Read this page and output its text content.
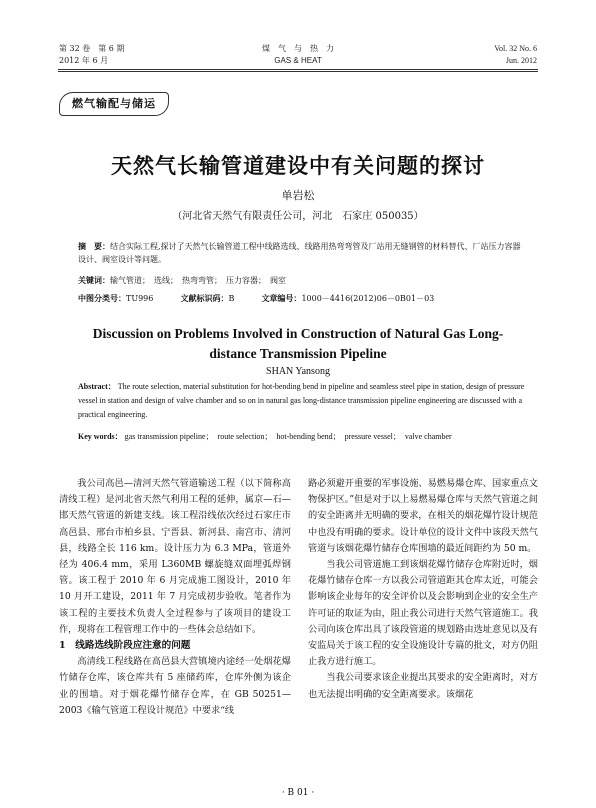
第 32 卷　第 6 期
2012 年 6 月
煤　气　与　热　力
GAS & HEAT
Vol. 32 No. 6
Jun. 2012
燃气输配与储运
天然气长输管道建设中有关问题的探讨
单岩松
（河北省天然气有限责任公司，河北　石家庄 050035）
摘　要：结合实际工程,探讨了天然气长输管道工程中线路选线、线路用热弯弯管及厂站用无缝钢管的材料替代、厂站压力容器设计、阀室设计等问题。
关键词：输气管道；　选线；　热弯弯管；　压力容器；　阀室
中图分类号：TU996	文献标识码：B	文章编号：1000－4416(2012)06－0B01－03
Discussion on Problems Involved in Construction of Natural Gas Long-distance Transmission Pipeline
SHAN Yansong
Abstract： The route selection, material substitution for hot-bending bend in pipeline and seamless steel pipe in station, design of pressure vessel in station and design of valve chamber and so on in natural gas long-distance transmission pipeline engineering are discussed with a practical engineering.
Key words： gas transmission pipeline；　route selection；　hot-bending bend；　pressure vessel；　valve chamber

我公司高邑—清河天然气管道输送工程（以下简称高清线工程）是河北省天然气利用工程的延伸，属京—石—邯天然气管道的新建支线。该工程沿线依次经过石家庄市高邑县、邢台市柏乡县、宁晋县、新河县、南宫市、清河县，线路全长 116 km。设计压力为 6.3 MPa，管道外径为 406.4 mm，采用 L360MB 螺旋缝双面埋弧焊钢管。该工程于 2010 年 6 月完成施工图设计，2010 年 10 月开工建设，2011 年 7 月完成初步验收。笔者作为该工程的主要技术负责人全过程参与了该项目的建设工作，现将在工程管理工作中的一些体会总结如下。

1　线路选线阶段应注意的问题

高清线工程线路在高邑县大营镇境内途经一处烟花爆竹储存仓库，该仓库共有 5 座储药库，仓库外侧为该企业的围墙。对于烟花爆竹储存仓库，在 GB 50251—2003《输气管道工程设计规范》中要求“线

路必须避开重要的军事设施、易燃易爆仓库、国家重点文物保护区。”但是对于以上易燃易爆仓库与天然气管道之间的安全距离并无明确的要求，在相关的烟花爆竹设计规范中也没有明确的要求。设计单位的设计文件中该段天然气管道与该烟花爆竹储存仓库围墙的最近间距约为 50 m。

当我公司管道施工到该烟花爆竹储存仓库附近时，烟花爆竹储存仓库一方以我公司管道距其仓库太近，可能会影响该企业每年的安全评价以及会影响到企业的安全生产许可证的取证为由，阻止我公司进行天然气管道施工。我公司向该仓库出具了该段管道的规划路由选址意见以及有安监局关于该工程的安全设施设计专篇的批文，对方仍阻止我方进行施工。

当我公司要求该企业提出其要求的安全距离时，对方也无法提出明确的安全距离要求。该烟花

· B 01 ·
